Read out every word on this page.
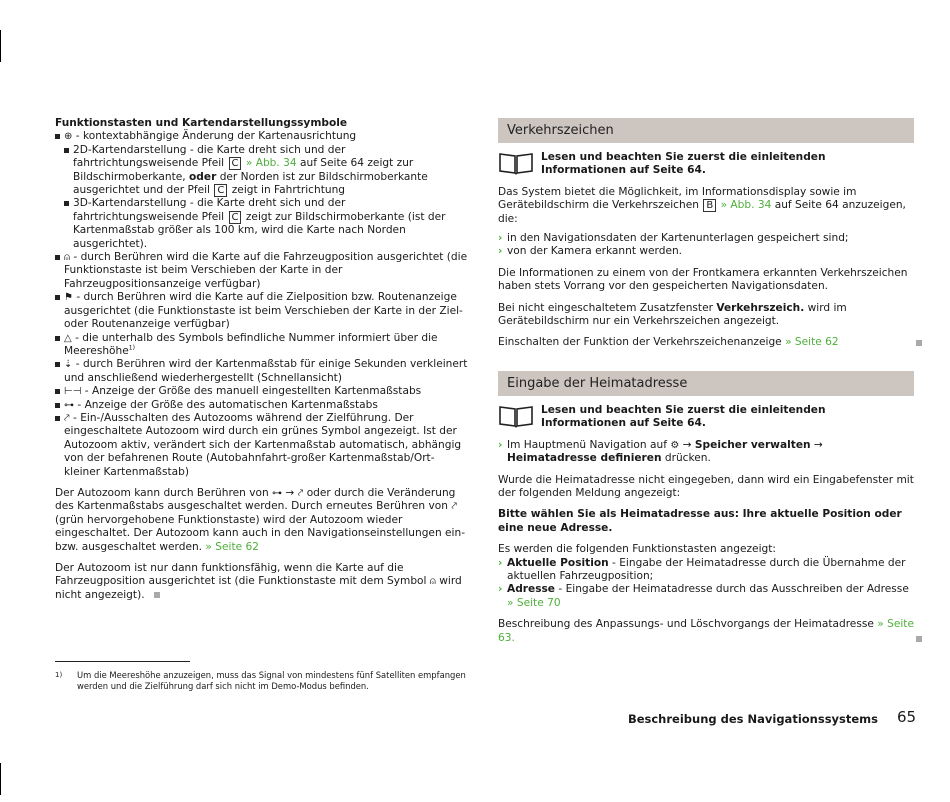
Funktionstasten und Kartendarstellungssymbole

⊕ - kontextabhängige Änderung der Kartenausrichtung
2D-Kartendarstellung - die Karte dreht sich und der fahrtrichtungsweisende Pfeil C » Abb. 34 auf Seite 64 zeigt zur Bildschirmoberkante, oder der Norden ist zur Bildschirmoberkante ausgerichtet und der Pfeil C zeigt in Fahrtrichtung
3D-Kartendarstellung - die Karte dreht sich und der fahrtrichtungsweisende Pfeil C zeigt zur Bildschirmoberkante (ist der Kartenmaßstab größer als 100 km, wird die Karte nach Norden ausgerichtet).
⍝ - durch Berühren wird die Karte auf die Fahrzeugposition ausgerichtet (die Funktionstaste ist beim Verschieben der Karte in der Fahrzeugpositionsanzeige verfügbar)
⚑ - durch Berühren wird die Karte auf die Zielposition bzw. Routenanzeige ausgerichtet (die Funktionstaste ist beim Verschieben der Karte in der Ziel- oder Routenanzeige verfügbar)
△ - die unterhalb des Symbols befindliche Nummer informiert über die Meereshöhe$^{1)}$
⇣ - durch Berühren wird der Kartenmaßstab für einige Sekunden verkleinert und anschließend wiederhergestellt (Schnellansicht)
⊢⊣ - Anzeige der Größe des manuell eingestellten Kartenmaßstabs
⊶ - Anzeige der Größe des automatischen Kartenmaßstabs
⤤ - Ein-/Ausschalten des Autozooms während der Zielführung. Der eingeschaltete Autozoom wird durch ein grünes Symbol angezeigt. Ist der Autozoom aktiv, verändert sich der Kartenmaßstab automatisch, abhängig von der befahrenen Route (Autobahnfahrt-großer Kartenmaßstab/Ort-kleiner Kartenmaßstab)

Der Autozoom kann durch Berühren von ⊶ → ⤤ oder durch die Veränderung des Kartenmaßstabs ausgeschaltet werden. Durch erneutes Berühren von ⤤ (grün hervorgehobene Funktionstaste) wird der Autozoom wieder eingeschaltet. Der Autozoom kann auch in den Navigationseinstellungen ein- bzw. ausgeschaltet werden. » Seite 62

Der Autozoom ist nur dann funktionsfähig, wenn die Karte auf die Fahrzeugposition ausgerichtet ist (die Funktionstaste mit dem Symbol ⍝ wird nicht angezeigt).

Verkehrszeichen
Lesen und beachten Sie zuerst die einleitenden Informationen auf Seite 64.

Das System bietet die Möglichkeit, im Informationsdisplay sowie im Gerätebildschirm die Verkehrszeichen B » Abb. 34 auf Seite 64 anzuzeigen, die:

› in den Navigationsdaten der Kartenunterlagen gespeichert sind;
› von der Kamera erkannt werden.

Die Informationen zu einem von der Frontkamera erkannten Verkehrszeichen haben stets Vorrang vor den gespeicherten Navigationsdaten.

Bei nicht eingeschaltetem Zusatzfenster Verkehrszeich. wird im Gerätebildschirm nur ein Verkehrszeichen angezeigt.

Einschalten der Funktion der Verkehrszeichenanzeige » Seite 62

Eingabe der Heimatadresse
Lesen und beachten Sie zuerst die einleitenden Informationen auf Seite 64.
› Im Hauptmenü Navigation auf ⚙ → Speicher verwalten → Heimatadresse definieren drücken.

Wurde die Heimatadresse nicht eingegeben, dann wird ein Eingabefenster mit der folgenden Meldung angezeigt:

Bitte wählen Sie als Heimatadresse aus: Ihre aktuelle Position oder eine neue Adresse.

Es werden die folgenden Funktionstasten angezeigt:

› Aktuelle Position - Eingabe der Heimatadresse durch die Übernahme der aktuellen Fahrzeugposition;
› Adresse - Eingabe der Heimatadresse durch das Ausschreiben der Adresse » Seite 70

Beschreibung des Anpassungs- und Löschvorgangs der Heimatadresse » Seite 63.

1)	Um die Meereshöhe anzuzeigen, muss das Signal von mindestens fünf Satelliten empfangen werden und die Zielführung darf sich nicht im Demo-Modus befinden.
Beschreibung des Navigationssystems 65
